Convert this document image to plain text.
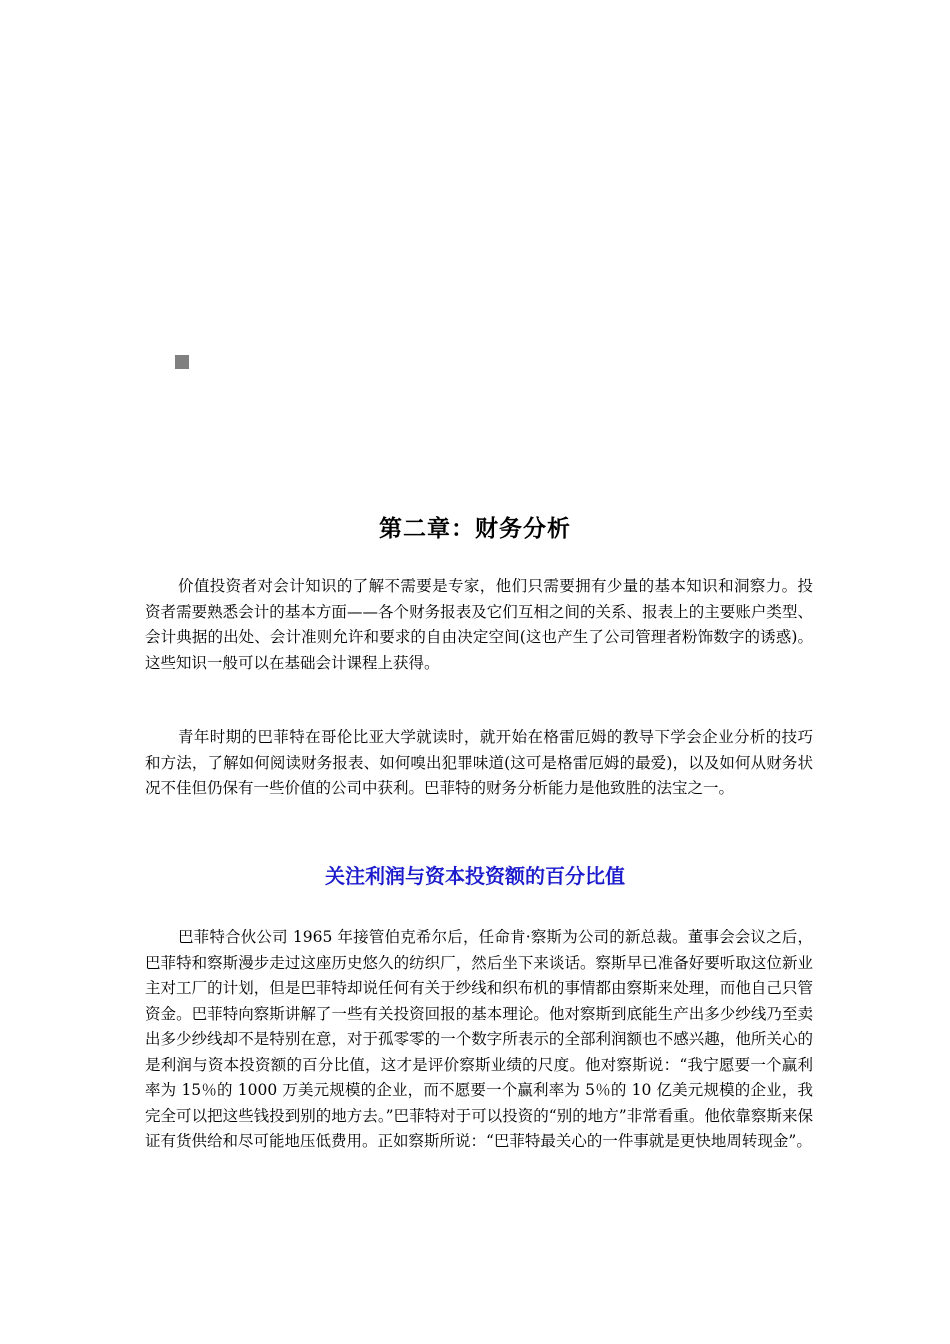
第二章：财务分析

价值投资者对会计知识的了解不需要是专家，他们只需要拥有少量的基本知识和洞察力。投资者需要熟悉会计的基本方面——各个财务报表及它们互相之间的关系、报表上的主要账户类型、会计典据的出处、会计准则允许和要求的自由决定空间(这也产生了公司管理者粉饰数字的诱惑)。这些知识一般可以在基础会计课程上获得。

青年时期的巴菲特在哥伦比亚大学就读时，就开始在格雷厄姆的教导下学会企业分析的技巧和方法，了解如何阅读财务报表、如何嗅出犯罪味道(这可是格雷厄姆的最爱)，以及如何从财务状况不佳但仍保有一些价值的公司中获利。巴菲特的财务分析能力是他致胜的法宝之一。

关注利润与资本投资额的百分比值

巴菲特合伙公司 1965 年接管伯克希尔后，任命肯·察斯为公司的新总裁。董事会会议之后，巴菲特和察斯漫步走过这座历史悠久的纺织厂，然后坐下来谈话。察斯早已准备好要听取这位新业主对工厂的计划，但是巴菲特却说任何有关于纱线和织布机的事情都由察斯来处理，而他自己只管资金。巴菲特向察斯讲解了一些有关投资回报的基本理论。他对察斯到底能生产出多少纱线乃至卖出多少纱线却不是特别在意，对于孤零零的一个数字所表示的全部利润额也不感兴趣，他所关心的是利润与资本投资额的百分比值，这才是评价察斯业绩的尺度。他对察斯说：“我宁愿要一个赢利率为 15％的 1000 万美元规模的企业，而不愿要一个赢利率为 5％的 10 亿美元规模的企业，我完全可以把这些钱投到别的地方去。”巴菲特对于可以投资的“别的地方”非常看重。他依靠察斯来保证有货供给和尽可能地压低费用。正如察斯所说：“巴菲特最关心的一件事就是更快地周转现金”。
